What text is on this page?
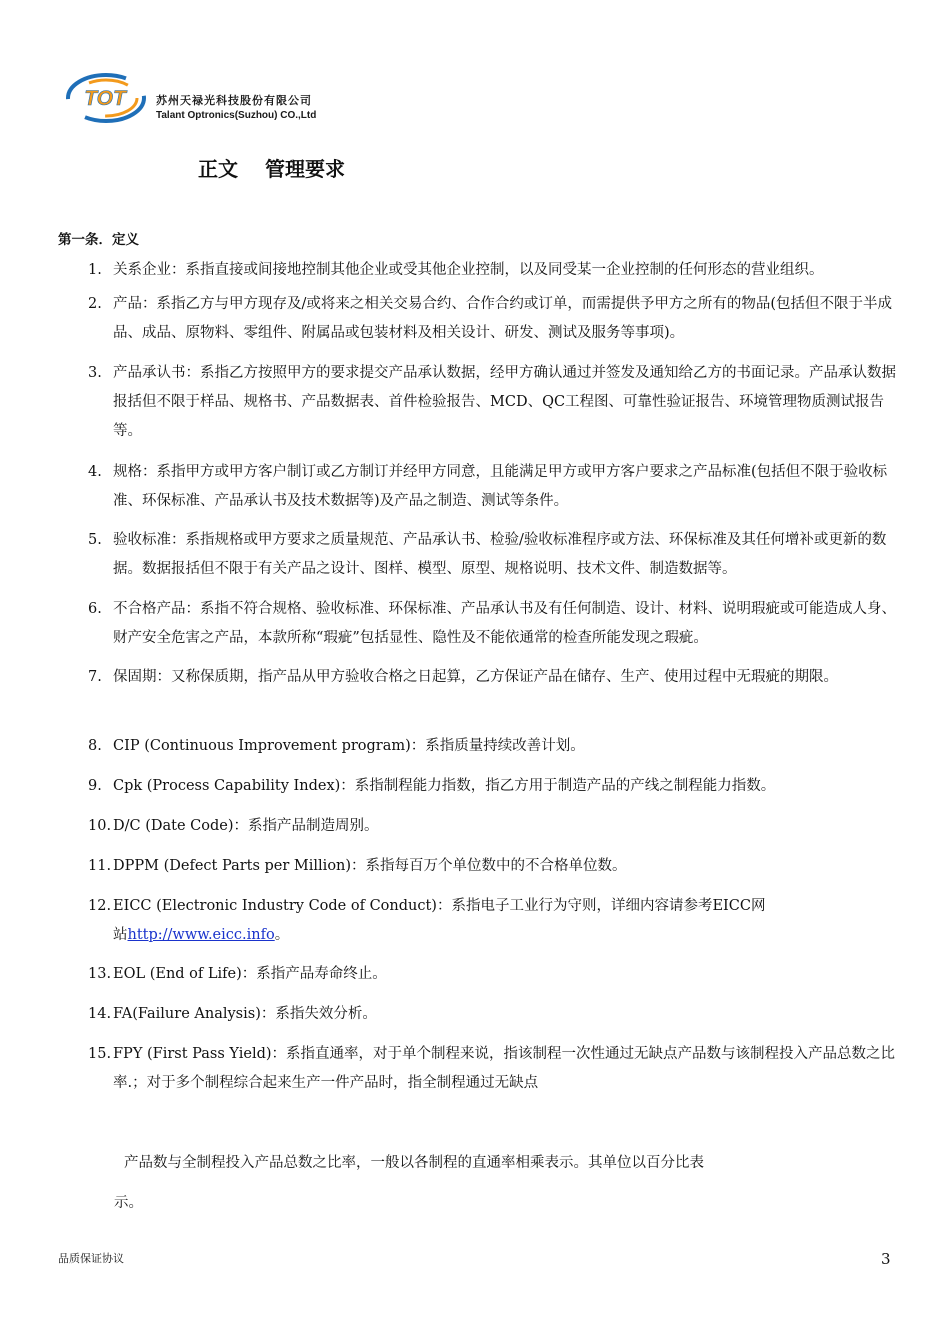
TOT	苏州天禄光科技股份有限公司
Talant Optronics(Suzhou) CO.,Ltd
正文　 管理要求
第一条．定义
1. 关系企业：系指直接或间接地控制其他企业或受其他企业控制，以及同受某一企业控制的任何形态的营业组织。
2. 产品：系指乙方与甲方现存及/或将来之相关交易合约、合作合约或订单，而需提供予甲方之所有的物品(包括但不限于半成品、成品、原物料、零组件、附属品或包装材料及相关设计、研发、测试及服务等事项)。
3. 产品承认书：系指乙方按照甲方的要求提交产品承认数据，经甲方确认通过并签发及通知给乙方的书面记录。产品承认数据报括但不限于样品、规格书、产品数据表、首件检验报告、MCD、QC工程图、可靠性验证报告、环境管理物质测试报告等。
4. 规格：系指甲方或甲方客户制订或乙方制订并经甲方同意，且能满足甲方或甲方客户要求之产品标准(包括但不限于验收标准、环保标准、产品承认书及技术数据等)及产品之制造、测试等条件。
5. 验收标准：系指规格或甲方要求之质量规范、产品承认书、检验/验收标准程序或方法、环保标准及其任何增补或更新的数据。数据报括但不限于有关产品之设计、图样、模型、原型、规格说明、技术文件、制造数据等。
6. 不合格产品：系指不符合规格、验收标准、环保标准、产品承认书及有任何制造、设计、材料、说明瑕疵或可能造成人身、财产安全危害之产品，本款所称“瑕疵”包括显性、隐性及不能依通常的检查所能发现之瑕疵。
7. 保固期：又称保质期，指产品从甲方验收合格之日起算，乙方保证产品在储存、生产、使用过程中无瑕疵的期限。
8. CIP (Continuous Improvement program)：系指质量持续改善计划。
9. Cpk (Process Capability Index)：系指制程能力指数，指乙方用于制造产品的产线之制程能力指数。
10. D/C (Date Code)：系指产品制造周别。
11. DPPM (Defect Parts per Million)：系指每百万个单位数中的不合格单位数。
12. EICC (Electronic Industry Code of Conduct)：系指电子工业行为守则，详细内容请参考EICC网
站http://www.eicc.info。
13. EOL (End of Life)：系指产品寿命终止。
14. FA(Failure Analysis)：系指失效分析。
15. FPY (First Pass Yield)：系指直通率，对于单个制程来说，指该制程一次性通过无缺点产品数与该制程投入产品总数之比率.；对于多个制程综合起来生产一件产品时，指全制程通过无缺点
产品数与全制程投入产品总数之比率，一般以各制程的直通率相乘表示。其单位以百分比表
示。
品质保证协议	3
